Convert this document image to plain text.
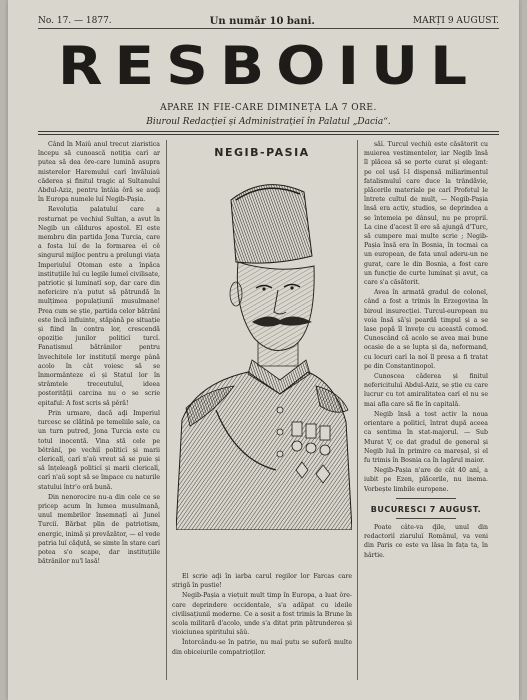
No. 17. — 1877.	Un număr 10 bani.	MARȚI 9 AUGUST.
RESBOIUL
APARE IN FIE-CARE DIMINEȚA LA 7 ORE.
Biuroul Redacțieĭ și Administrațieĭ în Palatul „Dacia“.

Când în Maiŭ anul trecut ziaristica începu să cunoască notiția carĭ ar putea să dea ôre-care lumină asupra misterelor Haremuluĭ carĭ învăluiaŭ căderea și finitul tragic al Sultanuluĭ Abdul-Aziz, pentru întâia ôră se auḑi în Europa numele luĭ Negib-Pașia.

Revoluția palatuluĭ care a resturnat pe vechiul Sultan, a avut în Negib un călduros apostol. El este membru din partida Jona Turcia, care a fosta luĭ de la formarea eĭ cĕ singurul mijloc pentru a prelungi viața Imperiuluĭ Otoman este a înpăca instituțiile luĭ cu legile lumeĭ civilisate, patriotic și luminatĭ sop, dar care din nefericire n'a putut să pătrundă în mulțimea populațiuniĭ musulmane! Prea cum se știe, partida celor bătrânĭ este încă influinte, stăpână pe situație și fiind în contra lor, crescendă opoziție junilor politicĭ turcĭ. Fanatismul bătrânilor pentru învechitele lor instituțiĭ merge până acolo în cât voiesc să se înmormânteze eĭ și Statul lor în strâmtele treceutuluĭ, ideea posterității carcina nu o se scrie epitaful: A fost scris să pĕră!

Prin urmare, dacă aḑi Imperiul turcesc se clătină pe temeliile sale, ca un turn putred, Jona Turcia este cu totul inocentă. Vina stă cele pe bĕtrânĭ, pe vechiĭ politicĭ și marii clericalĭ, carĭ n'aŭ vreut să se puie și să înțeleagă politicĭ și marii clericalĭ, carĭ n'aŭ sopt să se împace cu naturile statului într'o oră bună.

Din nenorocire nu-a din cele ce se pricep acum în lumea musulmană, unul membrilor însemnațĭ aĭ Juneĭ Turciĭ. Bărbat plin de patriotism, energic, inimă și prevăzător, — el vede patria luĭ căḑută, se simte în stare carĭ potea s'o scape, dar instituțiile bătrânilor nu'l lasă!

NEGIB-PASIA

El scrie aḑi în iarba carul regilor lor Farcas care strigă în pustie!

Negib-Pașia a viețuit mult timp în Europa, a luat ôre-care deprindere occidentale, s'a adăpat cu ideile civilisațiuniĭ moderne. Ce a sosit a fost trimis la Brune în scola militară d'acolo, unde s'a ditat prin pătrunderea și vioiciunea spiritului săŭ.

Întorcându-se în patrie, nu maĭ putu se suferă multe din obiceiurile compatrioților.

săĭ. Turcul vechiŭ este căsătorit cu muierea vestimentelor, iar Negib însă îl plăcea să se porte curat și elegant: pe cel ușă î-l dispensă miliarimentul fatalismuluĭ care duce la trândăvie, plăcerile materiale pe carĭ Profetul le întrete cultul de mult, — Negib-Pașia însă era activ, studios, se deprindea a se întemeia pe dânsul, nu pe propriĭ. La cine d'acest îl ere să ajungă d'Turc, să cumpere mai multe scrie ; Negib-Pașia însă era în Bosnia, în tocmai ca un european, de fata unul aderu-un ne gurat, care le din Bosnia, a fost care un funcție de curte luminat și avut, ca care s'a căsătorit.

Avea în armată gradul de colonel, când a fost a trimis în Erzegovina în biroul insurecției. Turcul-european nu voia însă să'și peardă timpul și a se lase popă îl învețe cu această comod. Cunoscând că acolo se avea mai bune ocasie de a se lupta și da, neformand, cu locuri carĭ la noĭ îl presa a fi tratat pe din Constantinopol.

Cunoscea căderea și finitul nefericituluĭ Abdul-Aziz, se știe cu care lucrur cu tot amiralitatea carĭ el nu se mai afla care să fie în capitală.

Negib însă a tost activ la noua orientare a politicĭ, întrat după aceea ca sentima în stat-majorul. — Sub Murat V, ce dat gradul de general și Negib luă în primire ca mareșal, și el fu trimis în Bosnia ca în lagărul maior.

Negib-Pașia n'are de cât 40 anĭ, a iubit pe Ezen, plăcerile, nu inema. Vorbește limbile europene.

BUCURESCI 7 AUGUST.

Poate câte-va ḑile, unul din redactoriĭ ziaruluĭ Românul, va veni din Paris ce este va lăsa în fața ta, în hârtie.
